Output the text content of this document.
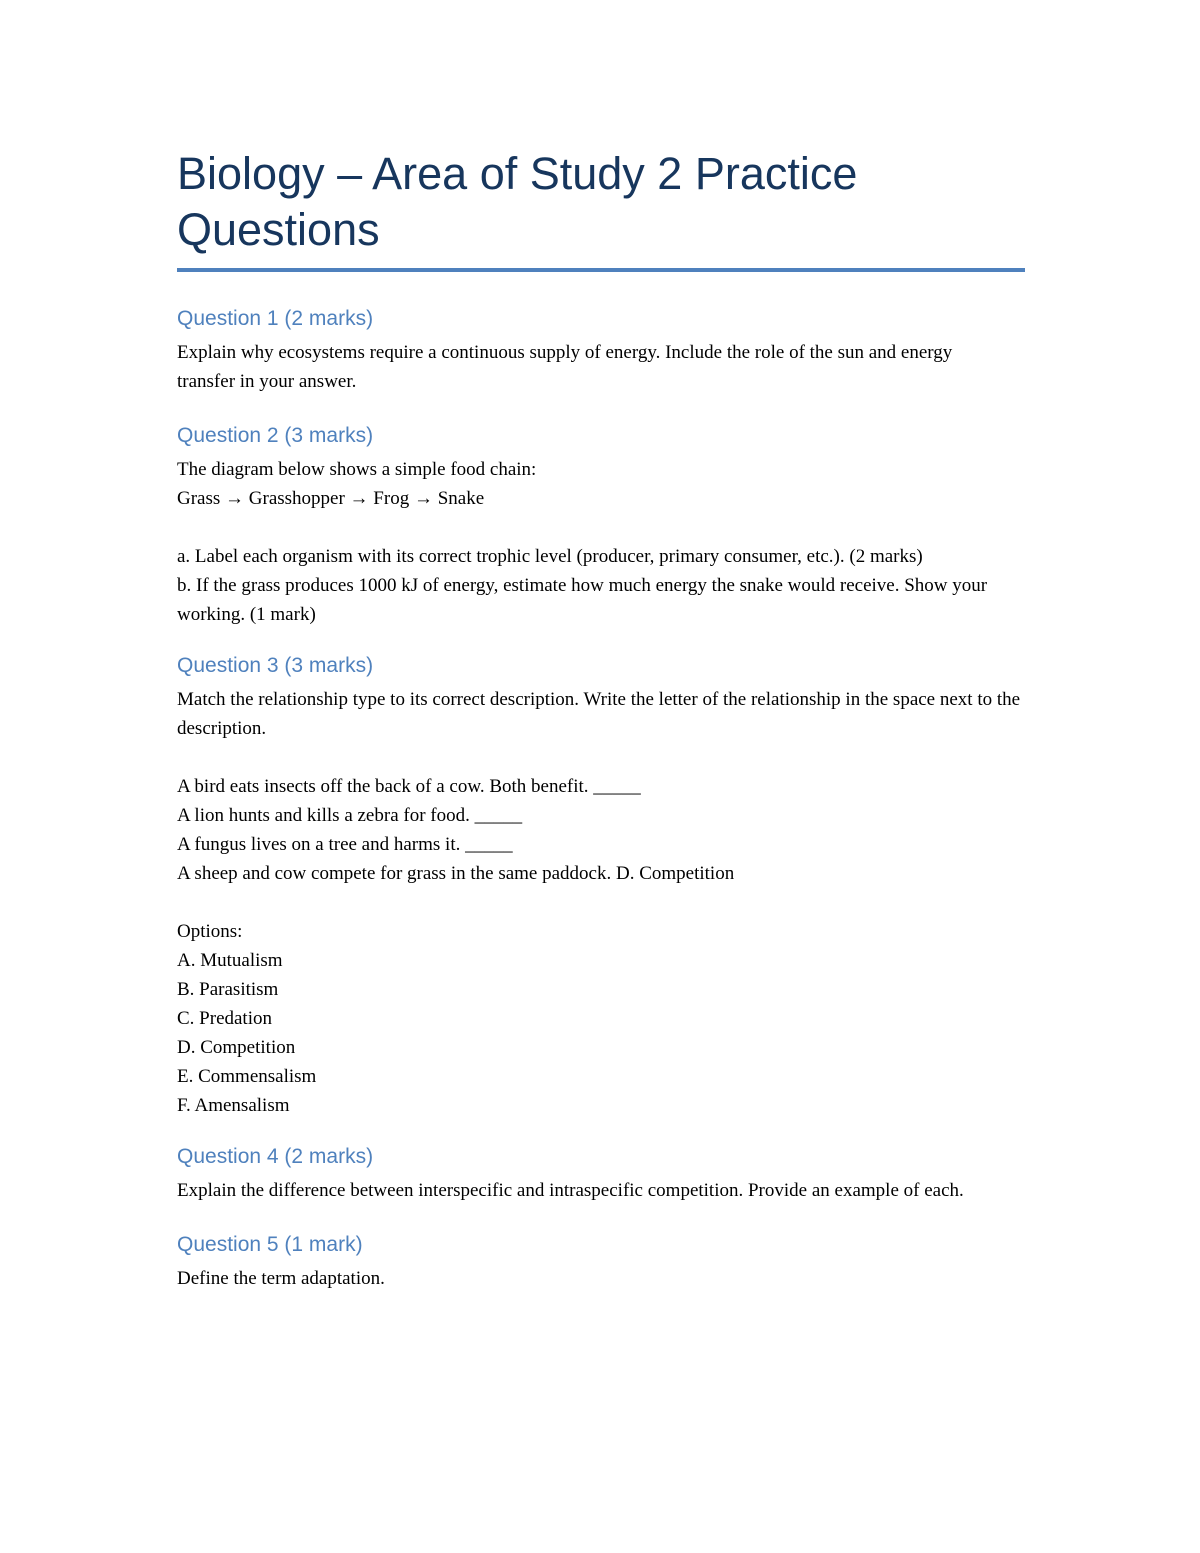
Biology – Area of Study 2 Practice Questions
Question 1 (2 marks)

Explain why ecosystems require a continuous supply of energy. Include the role of the sun and energy transfer in your answer.

Question 2 (3 marks)
The diagram below shows a simple food chain:
Grass → Grasshopper → Frog → Snake
a. Label each organism with its correct trophic level (producer, primary consumer, etc.). (2 marks)
b. If the grass produces 1000 kJ of energy, estimate how much energy the snake would receive. Show your working. (1 mark)
Question 3 (3 marks)
Match the relationship type to its correct description. Write the letter of the relationship in the space next to the description.
A bird eats insects off the back of a cow. Both benefit. _____
A lion hunts and kills a zebra for food. _____
A fungus lives on a tree and harms it. _____
A sheep and cow compete for grass in the same paddock. D. Competition
Options:
A. Mutualism
B. Parasitism
C. Predation
D. Competition
E. Commensalism
F. Amensalism
Question 4 (2 marks)

Explain the difference between interspecific and intraspecific competition. Provide an example of each.

Question 5 (1 mark)

Define the term adaptation.
